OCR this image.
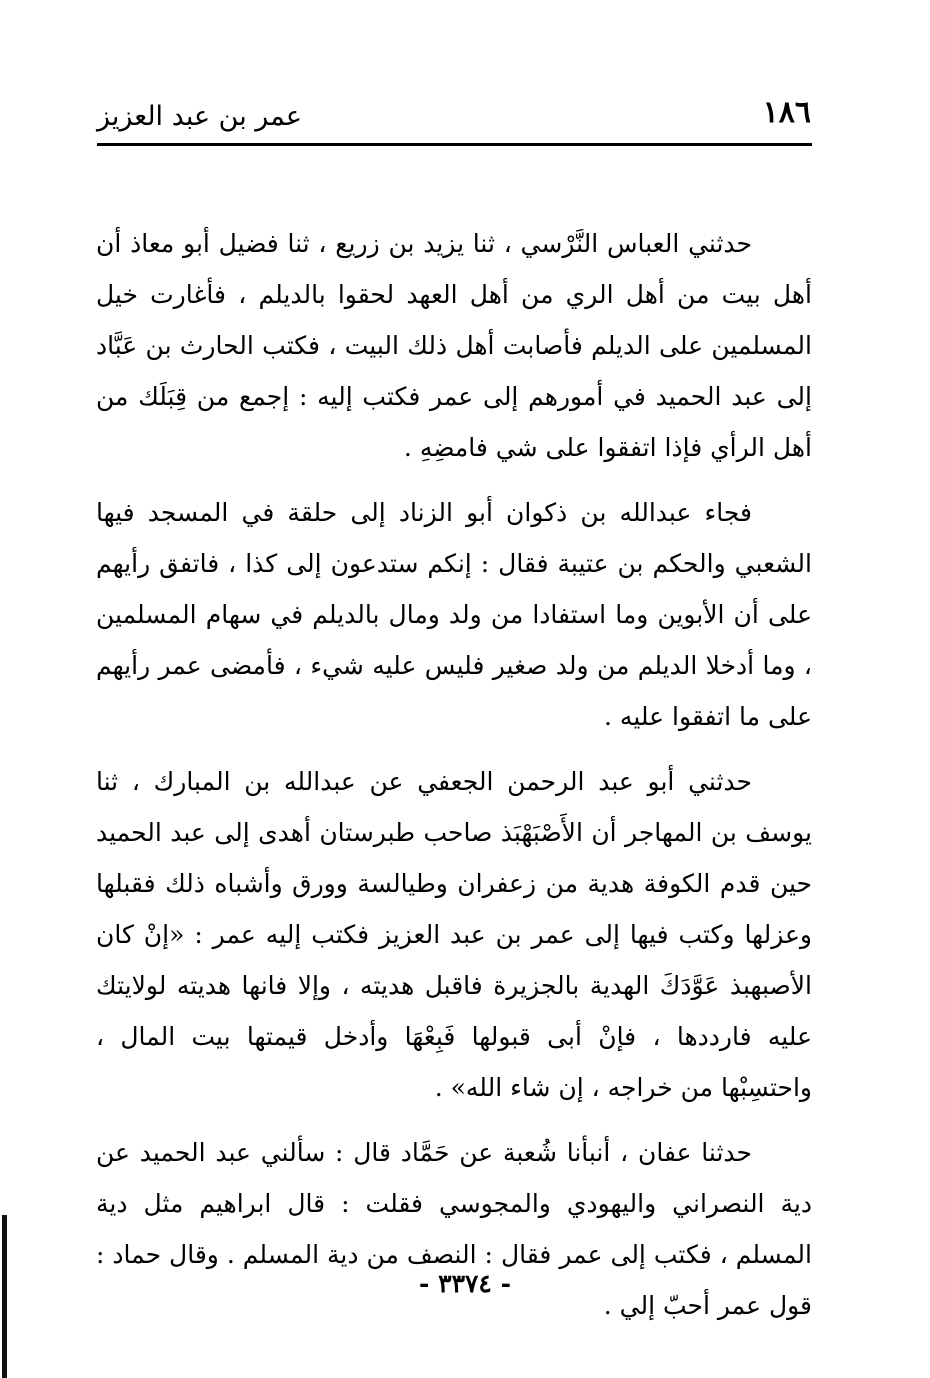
١٨٦
عمر بن عبد العزيز

حدثني العباس النَّرْسي ، ثنا يزيد بن زريع ، ثنا فضيل أبو معاذ أن أهل بيت من أهل الري من أهل العهد لحقوا بالديلم ، فأغارت خيل المسلمين على الديلم فأصابت أهل ذلك البيت ، فكتب الحارث بن عَبَّاد إلى عبد الحميد في أمورهم إلى عمر فكتب إليه : إجمع من قِبَلَك من أهل الرأي فإذا اتفقوا على شي فامضِهِ .

فجاء عبدالله بن ذكوان أبو الزناد إلى حلقة في المسجد فيها الشعبي والحكم بن عتيبة فقال : إنكم ستدعون إلى كذا ، فاتفق رأيهم على أن الأبوين وما استفادا من ولد ومال بالديلم في سهام المسلمين ، وما أدخلا الديلم من ولد صغير فليس عليه شيء ، فأمضى عمر رأيهم على ما اتفقوا عليه .

حدثني أبو عبد الرحمن الجعفي عن عبدالله بن المبارك ، ثنا يوسف بن المهاجر أن الأَصْبَهْبَذ صاحب طبرستان أهدى إلى عبد الحميد حين قدم الكوفة هدية من زعفران وطيالسة وورق وأشباه ذلك فقبلها وعزلها وكتب فيها إلى عمر بن عبد العزيز فكتب إليه عمر : «إنْ كان الأصبهبذ عَوَّدَكَ الهدية بالجزيرة فاقبل هديته ، وإلا فانها هديته لولايتك عليه فارددها ، فإنْ أبى قبولها فَبِعْهَا وأدخل قيمتها بيت المال ، واحتسِبْها من خراجه ، إن شاء الله» .

حدثنا عفان ، أنبأنا شُعبة عن حَمَّاد قال : سألني عبد الحميد عن دية النصراني واليهودي والمجوسي فقلت : قال ابراهيم مثل دية المسلم ، فكتب إلى عمر فقال : النصف من دية المسلم . وقال حماد : قول عمر أحبّ إلي .

- ٣٣٧٤ -
